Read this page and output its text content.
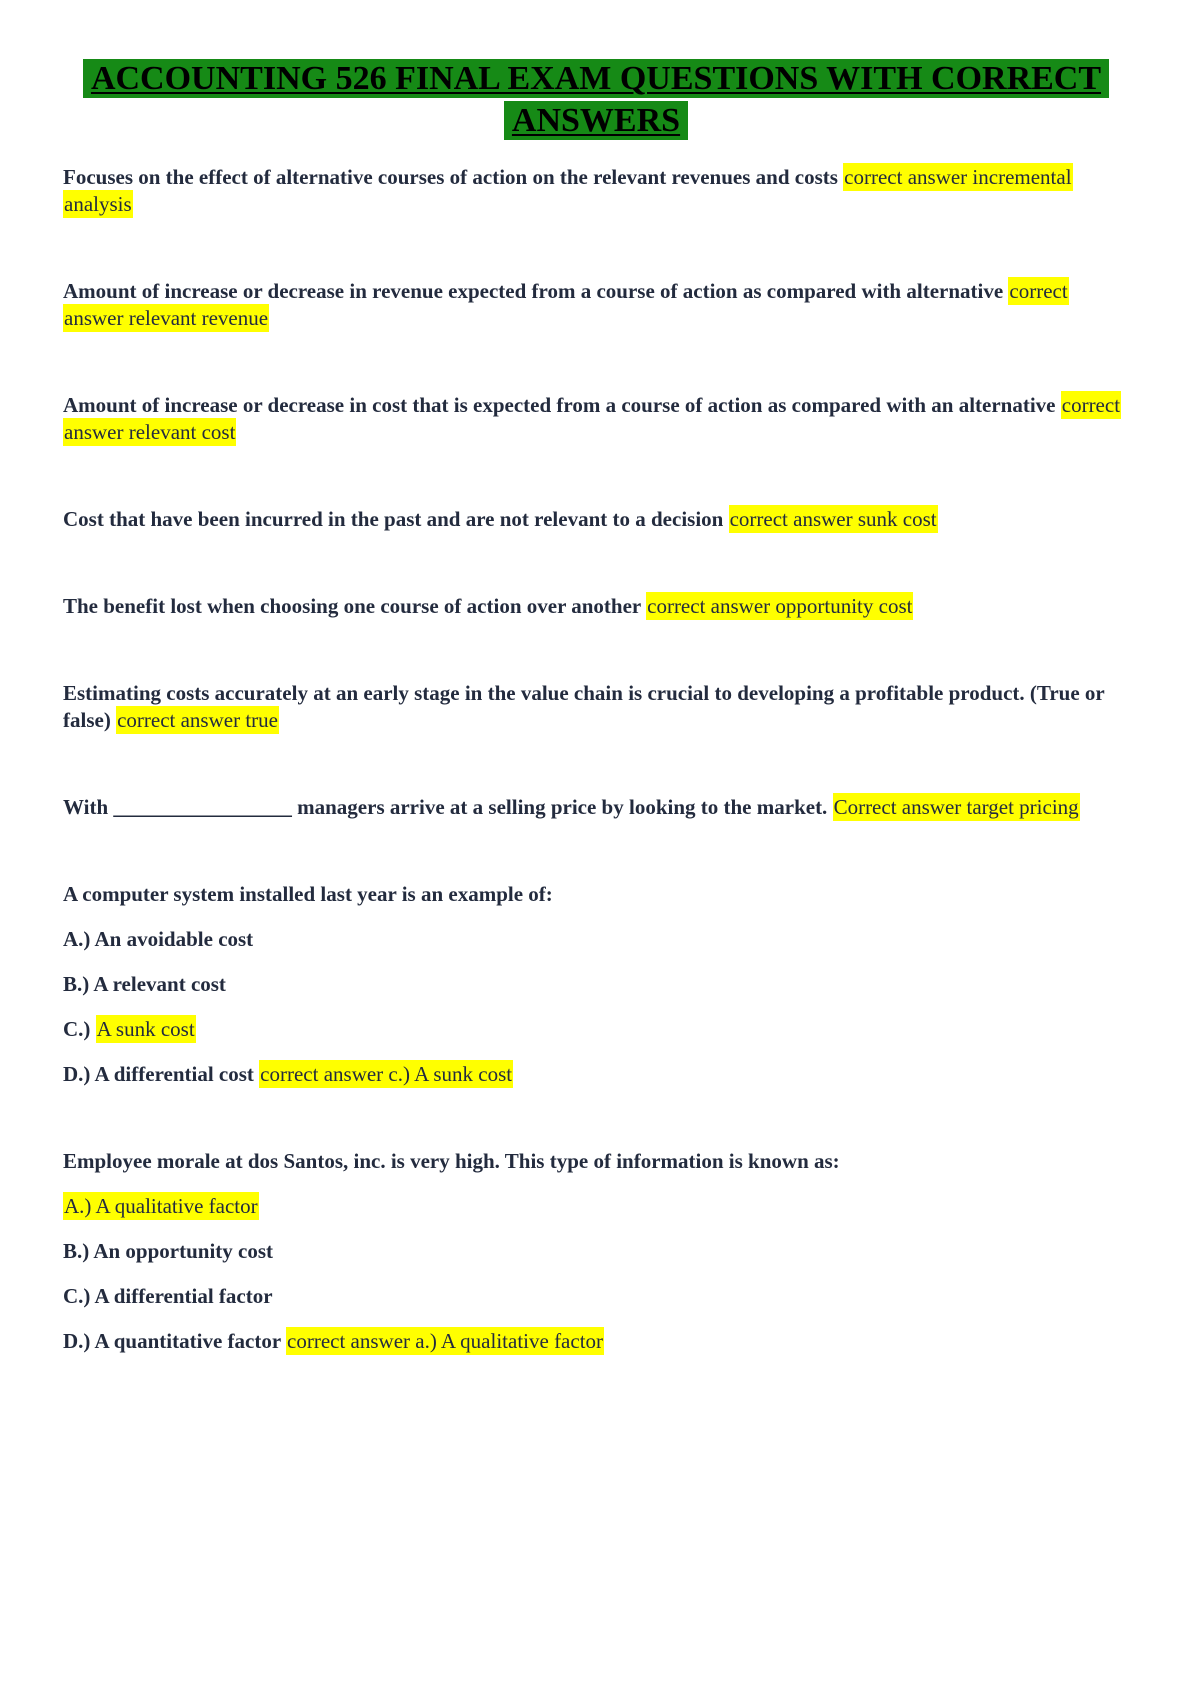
ACCOUNTING 526 FINAL EXAM QUESTIONS WITH CORRECT ANSWERS

Focuses on the effect of alternative courses of action on the relevant revenues and costs correct answer incremental analysis

Amount of increase or decrease in revenue expected from a course of action as compared with alternative correct answer relevant revenue

Amount of increase or decrease in cost that is expected from a course of action as compared with an alternative correct answer relevant cost

Cost that have been incurred in the past and are not relevant to a decision correct answer sunk cost

The benefit lost when choosing one course of action over another correct answer opportunity cost

Estimating costs accurately at an early stage in the value chain is crucial to developing a profitable product. (True or false) correct answer true

With _________________ managers arrive at a selling price by looking to the market. Correct answer target pricing

A computer system installed last year is an example of:

A.) An avoidable cost

B.) A relevant cost

C.) A sunk cost

D.) A differential cost correct answer c.) A sunk cost

Employee morale at dos Santos, inc. is very high. This type of information is known as:

A.) A qualitative factor

B.) An opportunity cost

C.) A differential factor

D.) A quantitative factor correct answer a.) A qualitative factor
